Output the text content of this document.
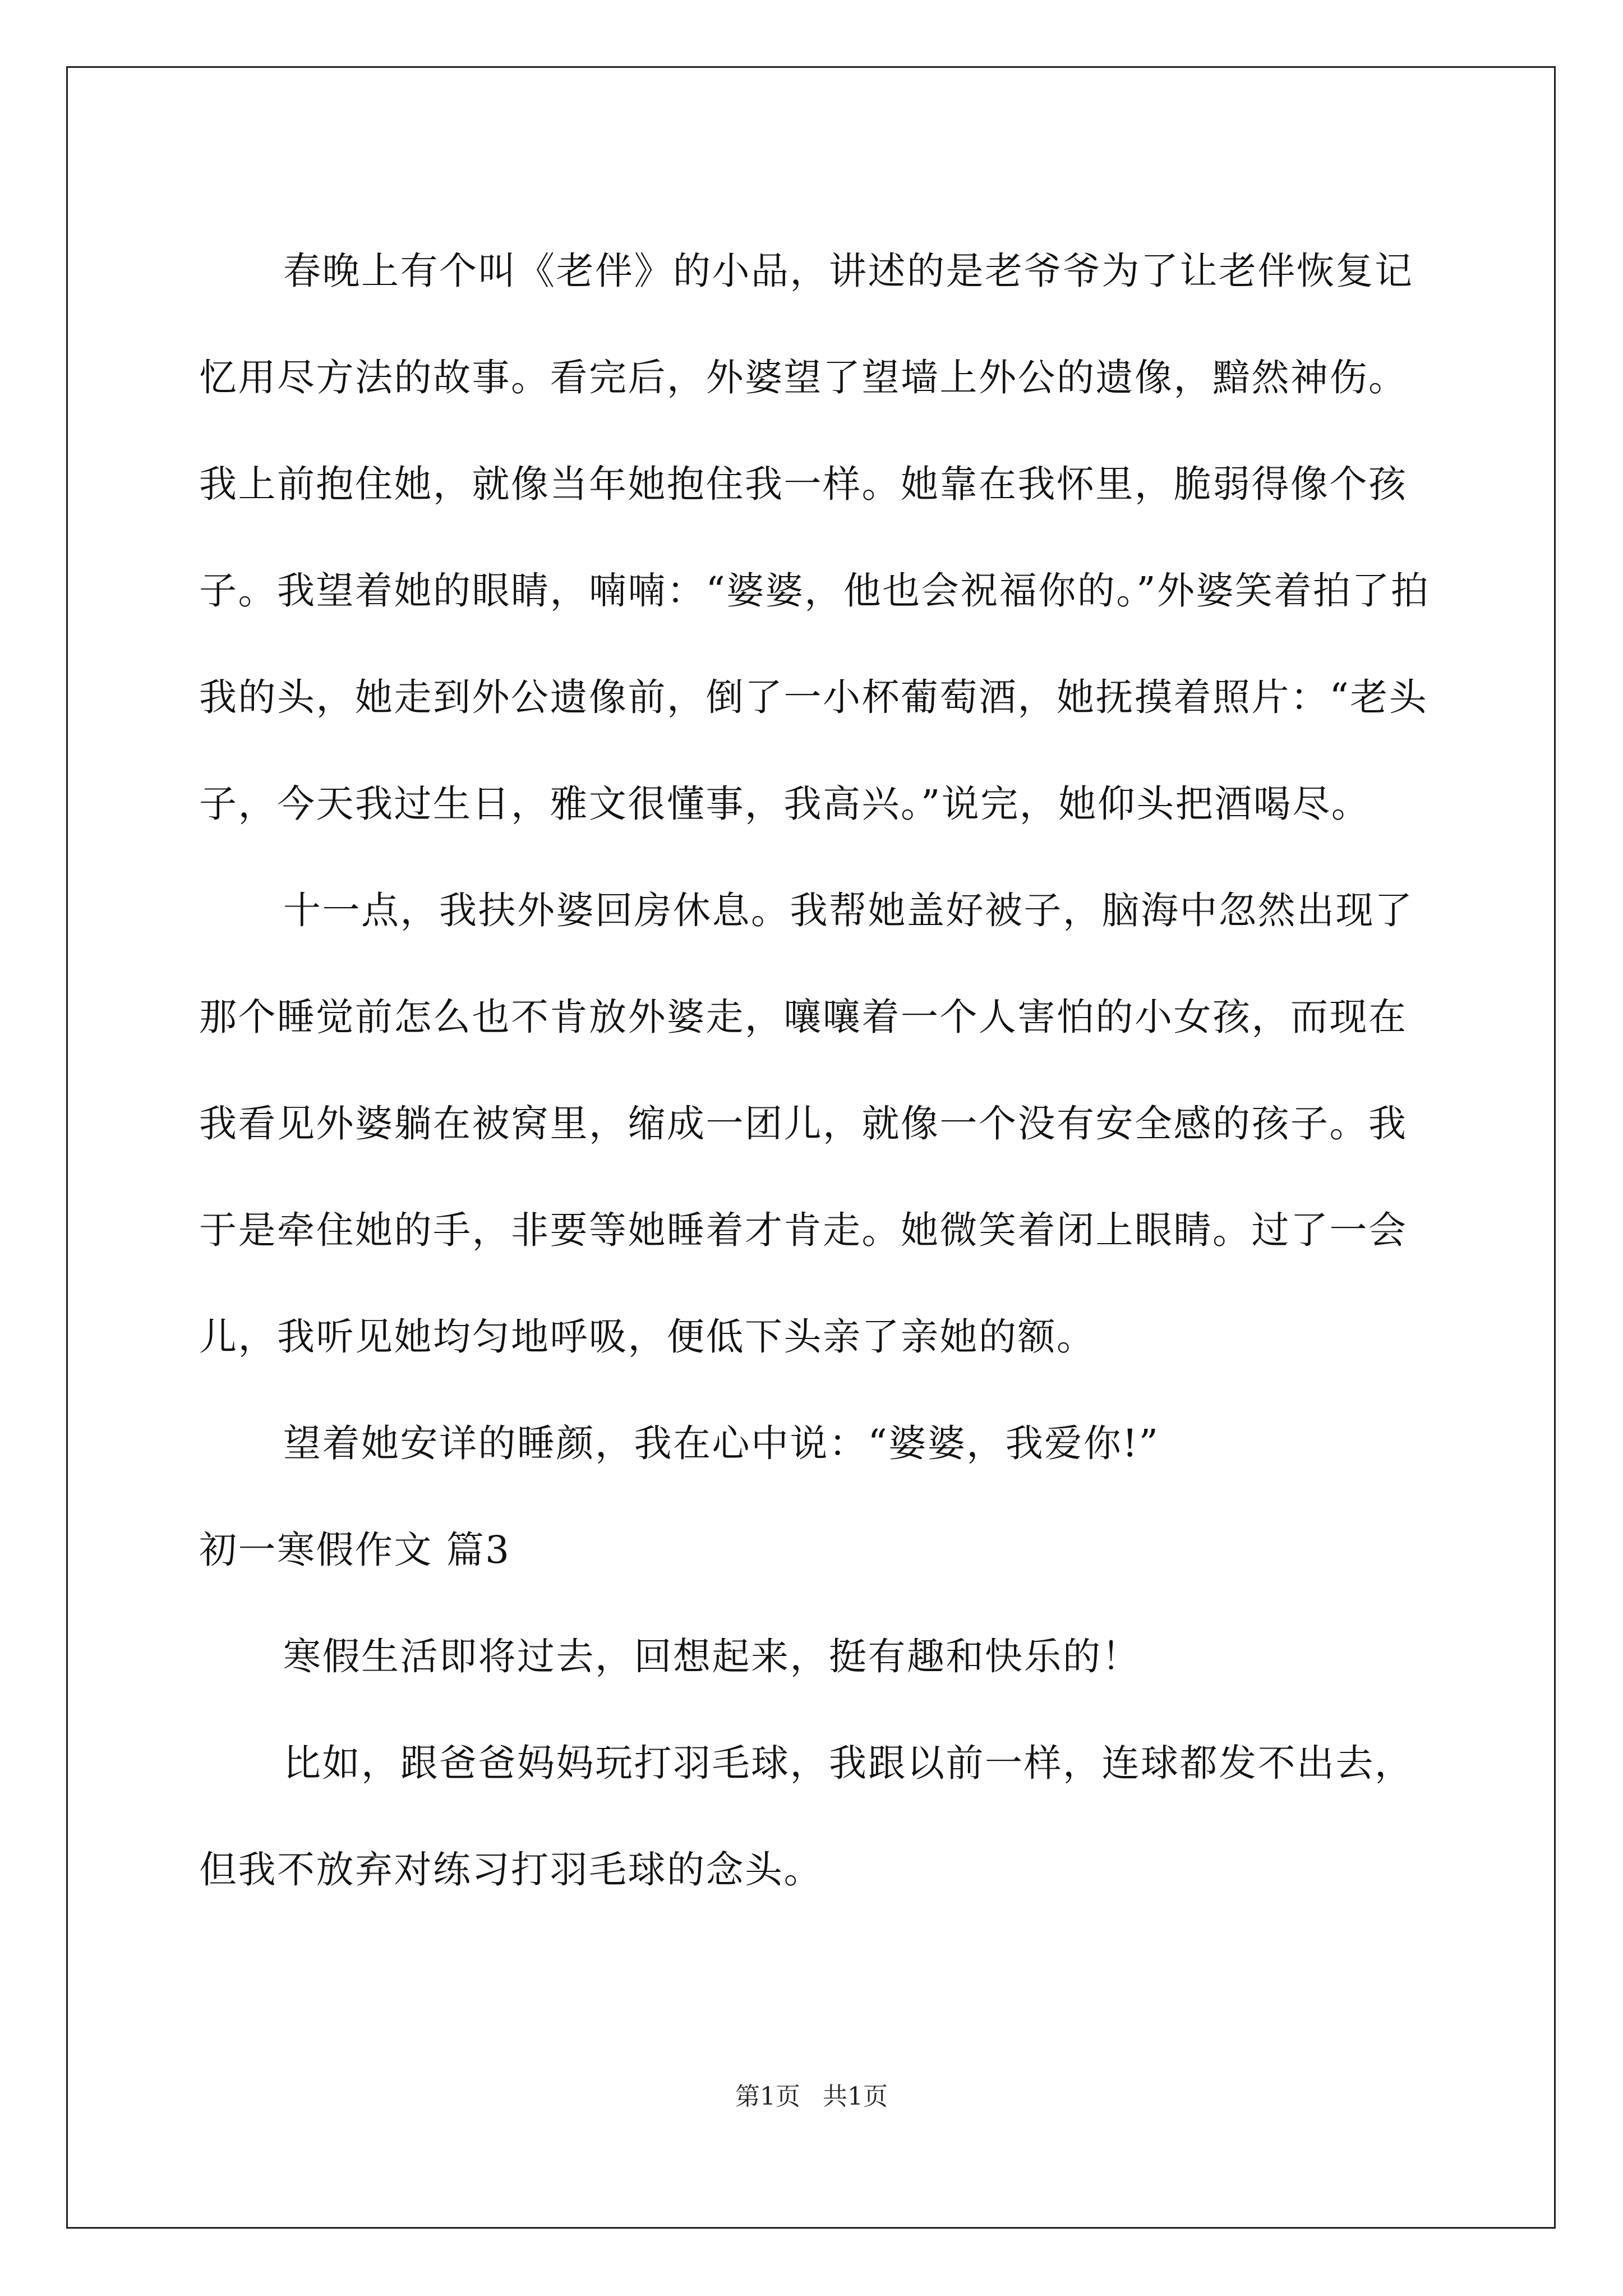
春晚上有个叫《老伴》的小品，讲述的是老爷爷为了让老伴恢复记忆用尽方法的故事。看完后，外婆望了望墙上外公的遗像，黯然神伤。我上前抱住她，就像当年她抱住我一样。她靠在我怀里，脆弱得像个孩子。我望着她的眼睛，喃喃：“婆婆，他也会祝福你的。”外婆笑着拍了拍我的头，她走到外公遗像前，倒了一小杯葡萄酒，她抚摸着照片：“老头子，今天我过生日，雅文很懂事，我高兴。”说完，她仰头把酒喝尽。

十一点，我扶外婆回房休息。我帮她盖好被子，脑海中忽然出现了那个睡觉前怎么也不肯放外婆走，嚷嚷着一个人害怕的小女孩，而现在我看见外婆躺在被窝里，缩成一团儿，就像一个没有安全感的孩子。我于是牵住她的手，非要等她睡着才肯走。她微笑着闭上眼睛。过了一会儿，我听见她均匀地呼吸，便低下头亲了亲她的额。

望着她安详的睡颜，我在心中说：“婆婆，我爱你!”

初一寒假作文 篇3

寒假生活即将过去，回想起来，挺有趣和快乐的！

比如，跟爸爸妈妈玩打羽毛球，我跟以前一样，连球都发不出去，但我不放弃对练习打羽毛球的念头。

第1页 共1页
